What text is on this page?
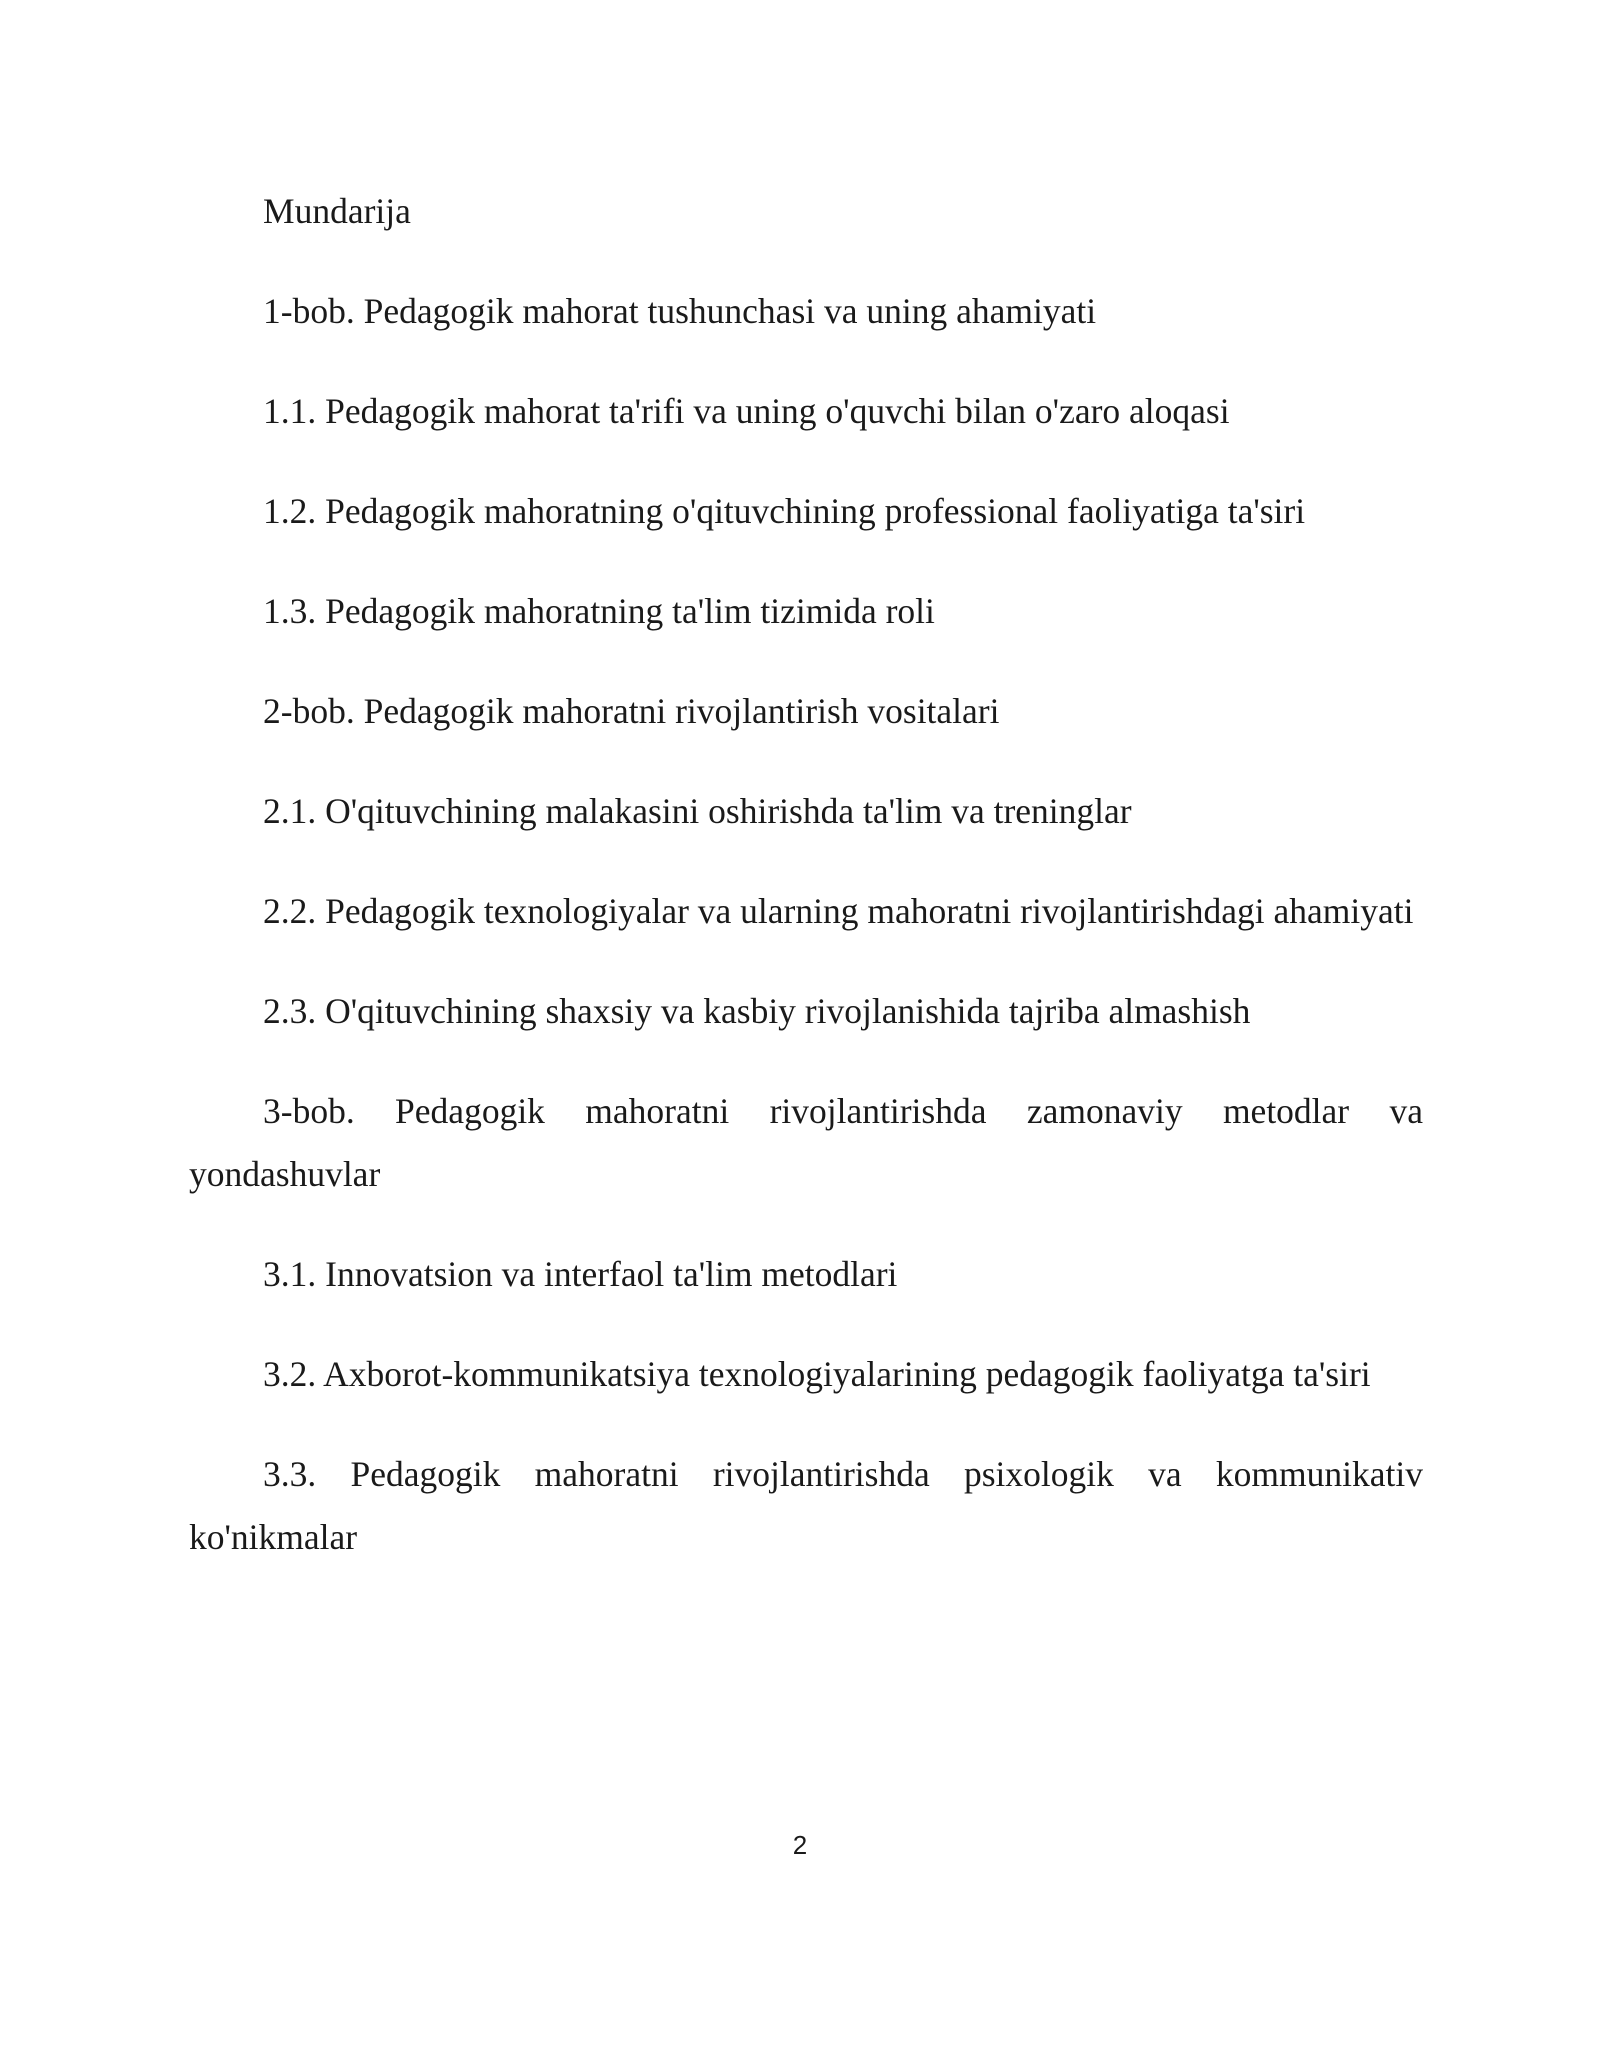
Mundarija

1-bob. Pedagogik mahorat tushunchasi va uning ahamiyati

1.1. Pedagogik mahorat ta'rifi va uning o'quvchi bilan o'zaro aloqasi

1.2. Pedagogik mahoratning o'qituvchining professional faoliyatiga ta'siri

1.3. Pedagogik mahoratning ta'lim tizimida roli

2-bob. Pedagogik mahoratni rivojlantirish vositalari

2.1. O'qituvchining malakasini oshirishda ta'lim va treninglar

2.2. Pedagogik texnologiyalar va ularning mahoratni rivojlantirishdagi ahamiyati

2.3. O'qituvchining shaxsiy va kasbiy rivojlanishida tajriba almashish

3-bob. Pedagogik mahoratni rivojlantirishda zamonaviy metodlar va yondashuvlar

3.1. Innovatsion va interfaol ta'lim metodlari

3.2. Axborot-kommunikatsiya texnologiyalarining pedagogik faoliyatga ta'siri

3.3. Pedagogik mahoratni rivojlantirishda psixologik va kommunikativ ko'nikmalar

2
